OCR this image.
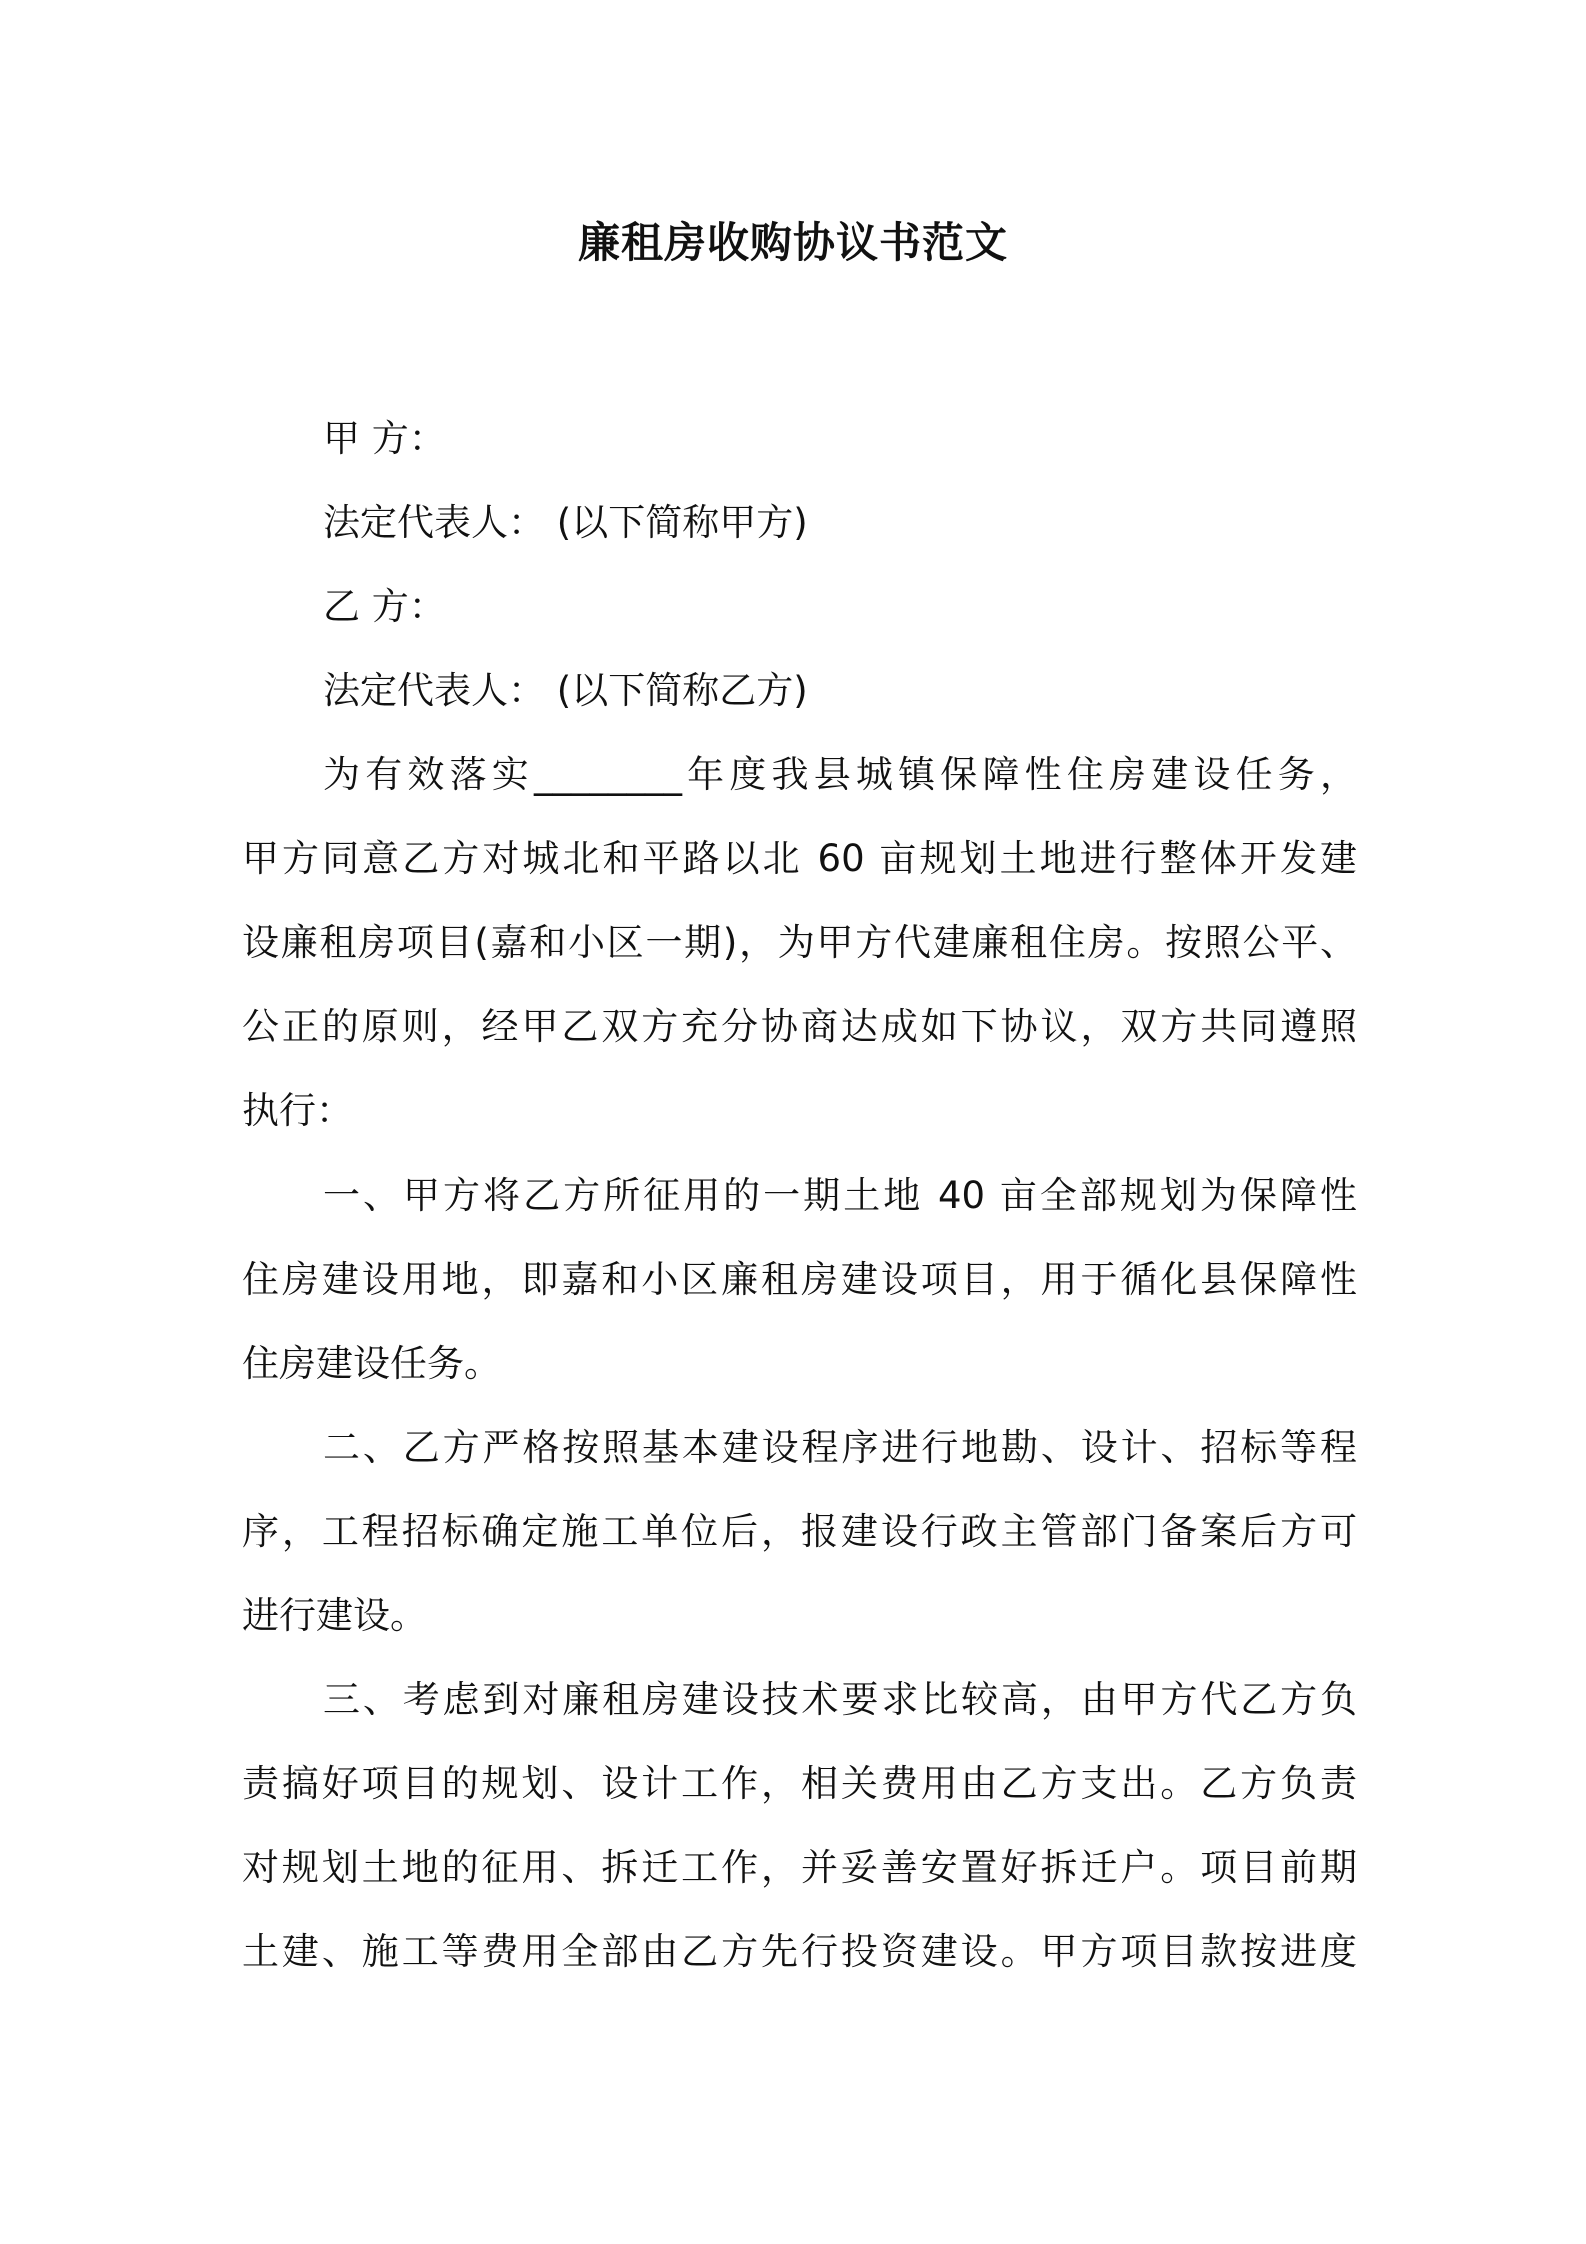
廉租房收购协议书范文
甲 方：
法定代表人： (以下简称甲方)
乙 方：
法定代表人： (以下简称乙方)
为有效落实________年度我县城镇保障性住房建设任务，
甲方同意乙方对城北和平路以北 60 亩规划土地进行整体开发建
设廉租房项目(嘉和小区一期)，为甲方代建廉租住房。按照公平、
公正的原则，经甲乙双方充分协商达成如下协议，双方共同遵照
执行：
一、甲方将乙方所征用的一期土地 40 亩全部规划为保障性
住房建设用地，即嘉和小区廉租房建设项目，用于循化县保障性
住房建设任务。
二、乙方严格按照基本建设程序进行地勘、设计、招标等程
序，工程招标确定施工单位后，报建设行政主管部门备案后方可
进行建设。
三、考虑到对廉租房建设技术要求比较高，由甲方代乙方负
责搞好项目的规划、设计工作，相关费用由乙方支出。乙方负责
对规划土地的征用、拆迁工作，并妥善安置好拆迁户。项目前期
土建、施工等费用全部由乙方先行投资建设。甲方项目款按进度
